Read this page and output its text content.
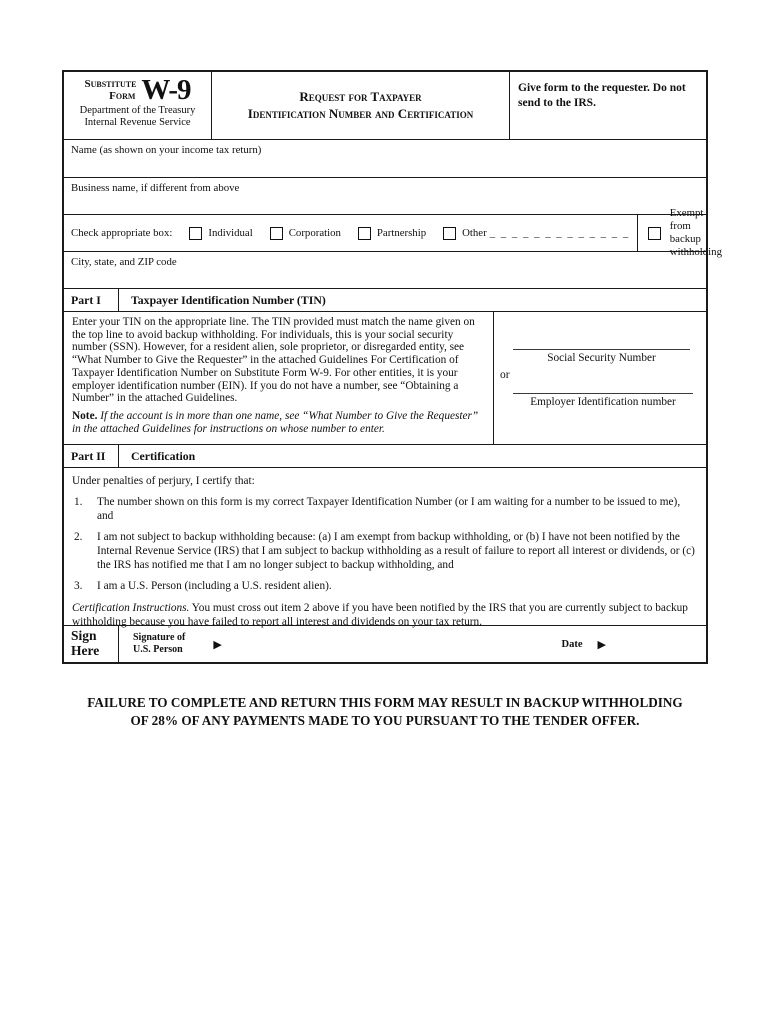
Substitute
Form W-9
Department of the Treasury
Internal Revenue Service
Request for Taxpayer
Identification Number and Certification
Give form to the requester. Do not send to the IRS.
Name (as shown on your income tax return)
Business name, if different from above
Check appropriate box:	Individual	Corporation	Partnership	Other _ _ _ _ _ _ _ _ _ _ _ _ _
Exempt from backup withholding
City, state, and ZIP code
Part I	Taxpayer Identification Number (TIN)
Enter your TIN on the appropriate line. The TIN provided must match the name given on the top line to avoid backup withholding. For individuals, this is your social security number (SSN). However, for a resident alien, sole proprietor, or disregarded entity, see “What Number to Give the Requester” in the attached Guidelines For Certification of Taxpayer Identification Number on Substitute Form W-9. For other entities, it is your employer identification number (EIN). If you do not have a number, see “Obtaining a Number” in the attached Guidelines.
Note. If the account is in more than one name, see “What Number to Give the Requester” in the attached Guidelines for instructions on whose number to enter.
Social Security Number
or
Employer Identification number
Part II	Certification
Under penalties of perjury, I certify that:
1.	The number shown on this form is my correct Taxpayer Identification Number (or I am waiting for a number to be issued to me), and
2.	I am not subject to backup withholding because: (a) I am exempt from backup withholding, or (b) I have not been notified by the Internal Revenue Service (IRS) that I am subject to backup withholding as a result of failure to report all interest or dividends, or (c) the IRS has notified me that I am no longer subject to backup withholding, and
3.	I am a U.S. Person (including a U.S. resident alien).
Certification Instructions. You must cross out item 2 above if you have been notified by the IRS that you are currently subject to backup withholding because you have failed to report all interest and dividends on your tax return.
Sign
Here
Signature of
U.S. Person	▶	Date ▶
FAILURE TO COMPLETE AND RETURN THIS FORM MAY RESULT IN BACKUP WITHHOLDING
OF 28% OF ANY PAYMENTS MADE TO YOU PURSUANT TO THE TENDER OFFER.
